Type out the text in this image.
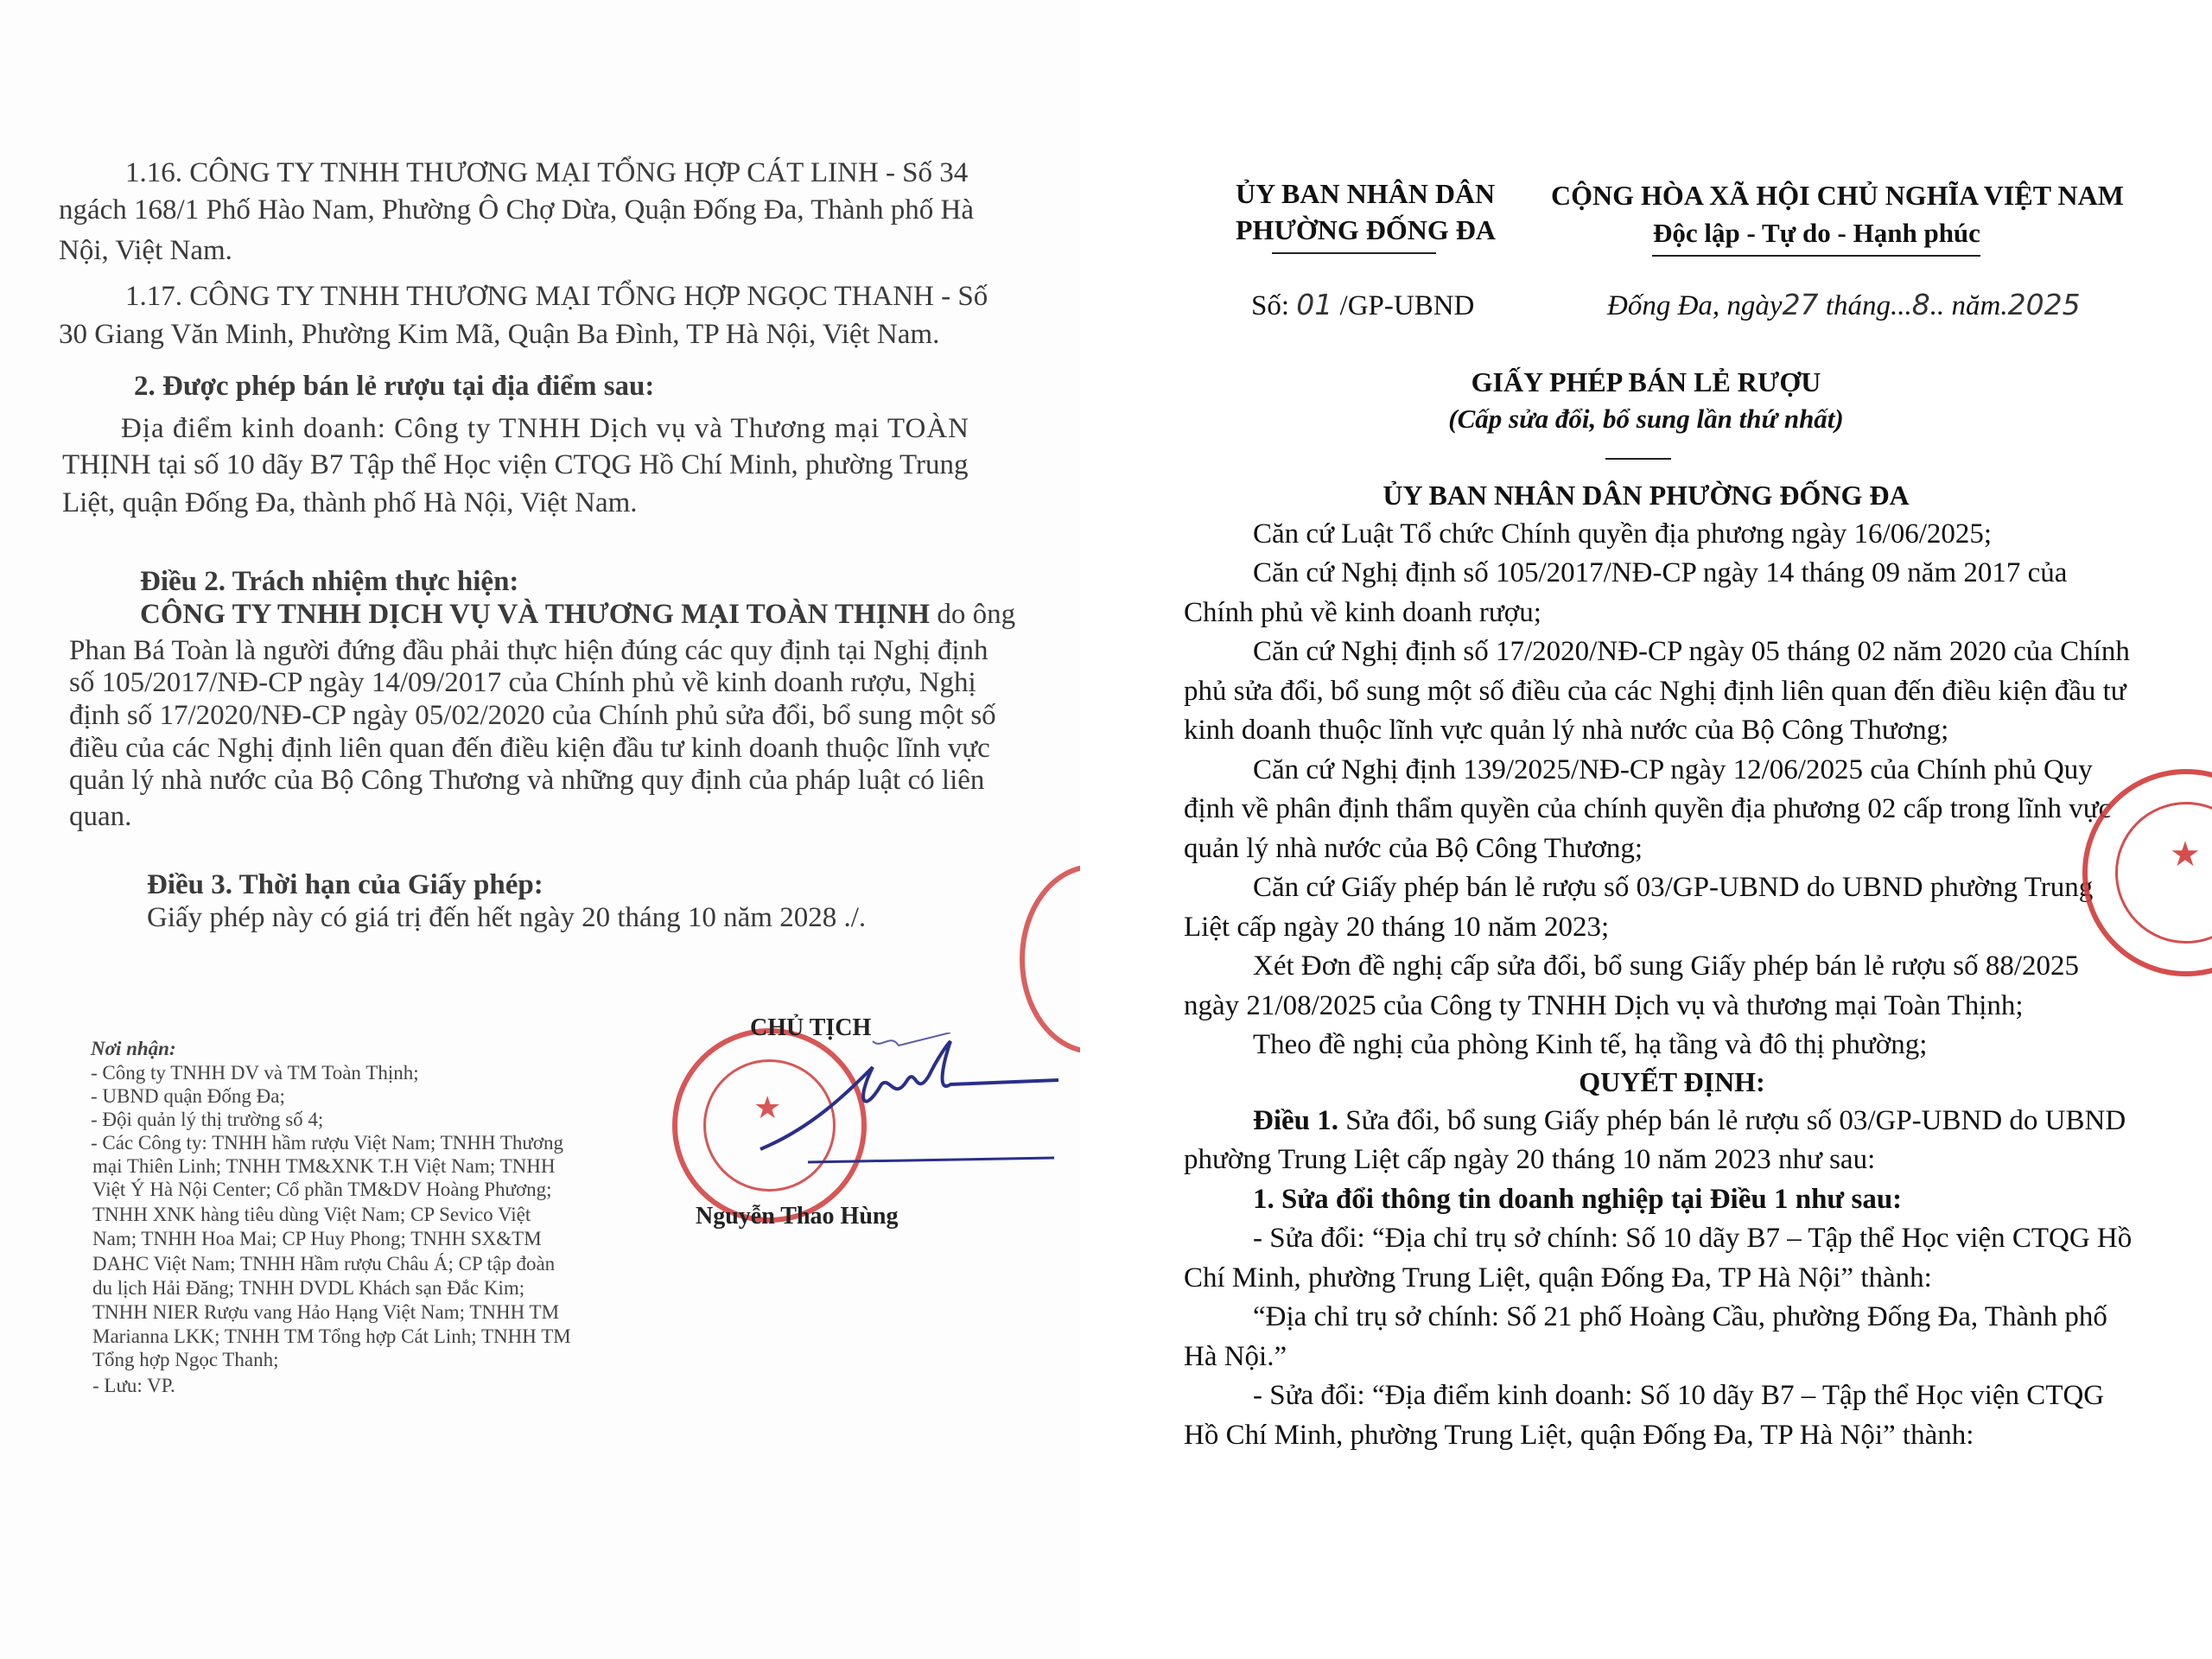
1.16. CÔNG TY TNHH THƯƠNG MẠI TỔNG HỢP CÁT LINH - Số 34
ngách 168/1 Phố Hào Nam, Phường Ô Chợ Dừa, Quận Đống Đa, Thành phố Hà
Nội, Việt Nam.
1.17. CÔNG TY TNHH THƯƠNG MẠI TỔNG HỢP NGỌC THANH - Số
30 Giang Văn Minh, Phường Kim Mã, Quận Ba Đình, TP Hà Nội, Việt Nam.
2. Được phép bán lẻ rượu tại địa điểm sau:
Địa điểm kinh doanh: Công ty TNHH Dịch vụ và Thương mại TOÀN
THỊNH tại số 10 dãy B7 Tập thể Học viện CTQG Hồ Chí Minh, phường Trung
Liệt, quận Đống Đa, thành phố Hà Nội, Việt Nam.
Điều 2. Trách nhiệm thực hiện:
CÔNG TY TNHH DỊCH VỤ VÀ THƯƠNG MẠI TOÀN THỊNH do ông
Phan Bá Toàn là người đứng đầu phải thực hiện đúng các quy định tại Nghị định
số 105/2017/NĐ-CP ngày 14/09/2017 của Chính phủ về kinh doanh rượu, Nghị
định số 17/2020/NĐ-CP ngày 05/02/2020 của Chính phủ sửa đổi, bổ sung một số
điều của các Nghị định liên quan đến điều kiện đầu tư kinh doanh thuộc lĩnh vực
quản lý nhà nước của Bộ Công Thương và những quy định của pháp luật có liên
quan.
Điều 3. Thời hạn của Giấy phép:
Giấy phép này có giá trị đến hết ngày 20 tháng 10 năm 2028 ./.
Nơi nhận:
- Công ty TNHH DV và TM Toàn Thịnh;
- UBND quận Đống Đa;
- Đội quản lý thị trường số 4;
- Các Công ty: TNHH hầm rượu Việt Nam; TNHH Thương
mại Thiên Linh; TNHH TM&XNK T.H Việt Nam; TNHH
Việt Ý Hà Nội Center; Cổ phần TM&DV Hoàng Phương;
TNHH XNK hàng tiêu dùng Việt Nam; CP Sevico Việt
Nam; TNHH Hoa Mai; CP Huy Phong; TNHH SX&TM
DAHC Việt Nam; TNHH Hầm rượu Châu Á; CP tập đoàn
du lịch Hải Đăng; TNHH DVDL Khách sạn Đắc Kim;
TNHH NIER Rượu vang Hảo Hạng Việt Nam; TNHH TM
Marianna LKK; TNHH TM Tổng hợp Cát Linh; TNHH TM
Tổng hợp Ngọc Thanh;
- Lưu: VP.
★
CHỦ TỊCH
Nguyễn Thao Hùng
ỦY BAN NHÂN DÂN
PHƯỜNG ĐỐNG ĐA
CỘNG HÒA XÃ HỘI CHỦ NGHĨA VIỆT NAM
Độc lập - Tự do - Hạnh phúc
Số: 01 /GP-UBND	Đống Đa, ngày27 tháng...8.. năm.2025
GIẤY PHÉP BÁN LẺ RƯỢU
(Cấp sửa đổi, bổ sung lần thứ nhất)
ỦY BAN NHÂN DÂN PHƯỜNG ĐỐNG ĐA
Căn cứ Luật Tổ chức Chính quyền địa phương ngày 16/06/2025;
Căn cứ Nghị định số 105/2017/NĐ-CP ngày 14 tháng 09 năm 2017 của
Chính phủ về kinh doanh rượu;
Căn cứ Nghị định số 17/2020/NĐ-CP ngày 05 tháng 02 năm 2020 của Chính
phủ sửa đổi, bổ sung một số điều của các Nghị định liên quan đến điều kiện đầu tư
kinh doanh thuộc lĩnh vực quản lý nhà nước của Bộ Công Thương;
Căn cứ Nghị định 139/2025/NĐ-CP ngày 12/06/2025 của Chính phủ Quy
định về phân định thẩm quyền của chính quyền địa phương 02 cấp trong lĩnh vực
quản lý nhà nước của Bộ Công Thương;
Căn cứ Giấy phép bán lẻ rượu số 03/GP-UBND do UBND phường Trung
Liệt cấp ngày 20 tháng 10 năm 2023;
Xét Đơn đề nghị cấp sửa đổi, bổ sung Giấy phép bán lẻ rượu số 88/2025
ngày 21/08/2025 của Công ty TNHH Dịch vụ và thương mại Toàn Thịnh;
Theo đề nghị của phòng Kinh tế, hạ tầng và đô thị phường;
QUYẾT ĐỊNH:
Điều 1. Sửa đổi, bổ sung Giấy phép bán lẻ rượu số 03/GP-UBND do UBND
phường Trung Liệt cấp ngày 20 tháng 10 năm 2023 như sau:
1. Sửa đổi thông tin doanh nghiệp tại Điều 1 như sau:
- Sửa đổi: “Địa chỉ trụ sở chính: Số 10 dãy B7 – Tập thể Học viện CTQG Hồ
Chí Minh, phường Trung Liệt, quận Đống Đa, TP Hà Nội” thành:
“Địa chỉ trụ sở chính: Số 21 phố Hoàng Cầu, phường Đống Đa, Thành phố
Hà Nội.”
- Sửa đổi: “Địa điểm kinh doanh: Số 10 dãy B7 – Tập thể Học viện CTQG
Hồ Chí Minh, phường Trung Liệt, quận Đống Đa, TP Hà Nội” thành:
★
